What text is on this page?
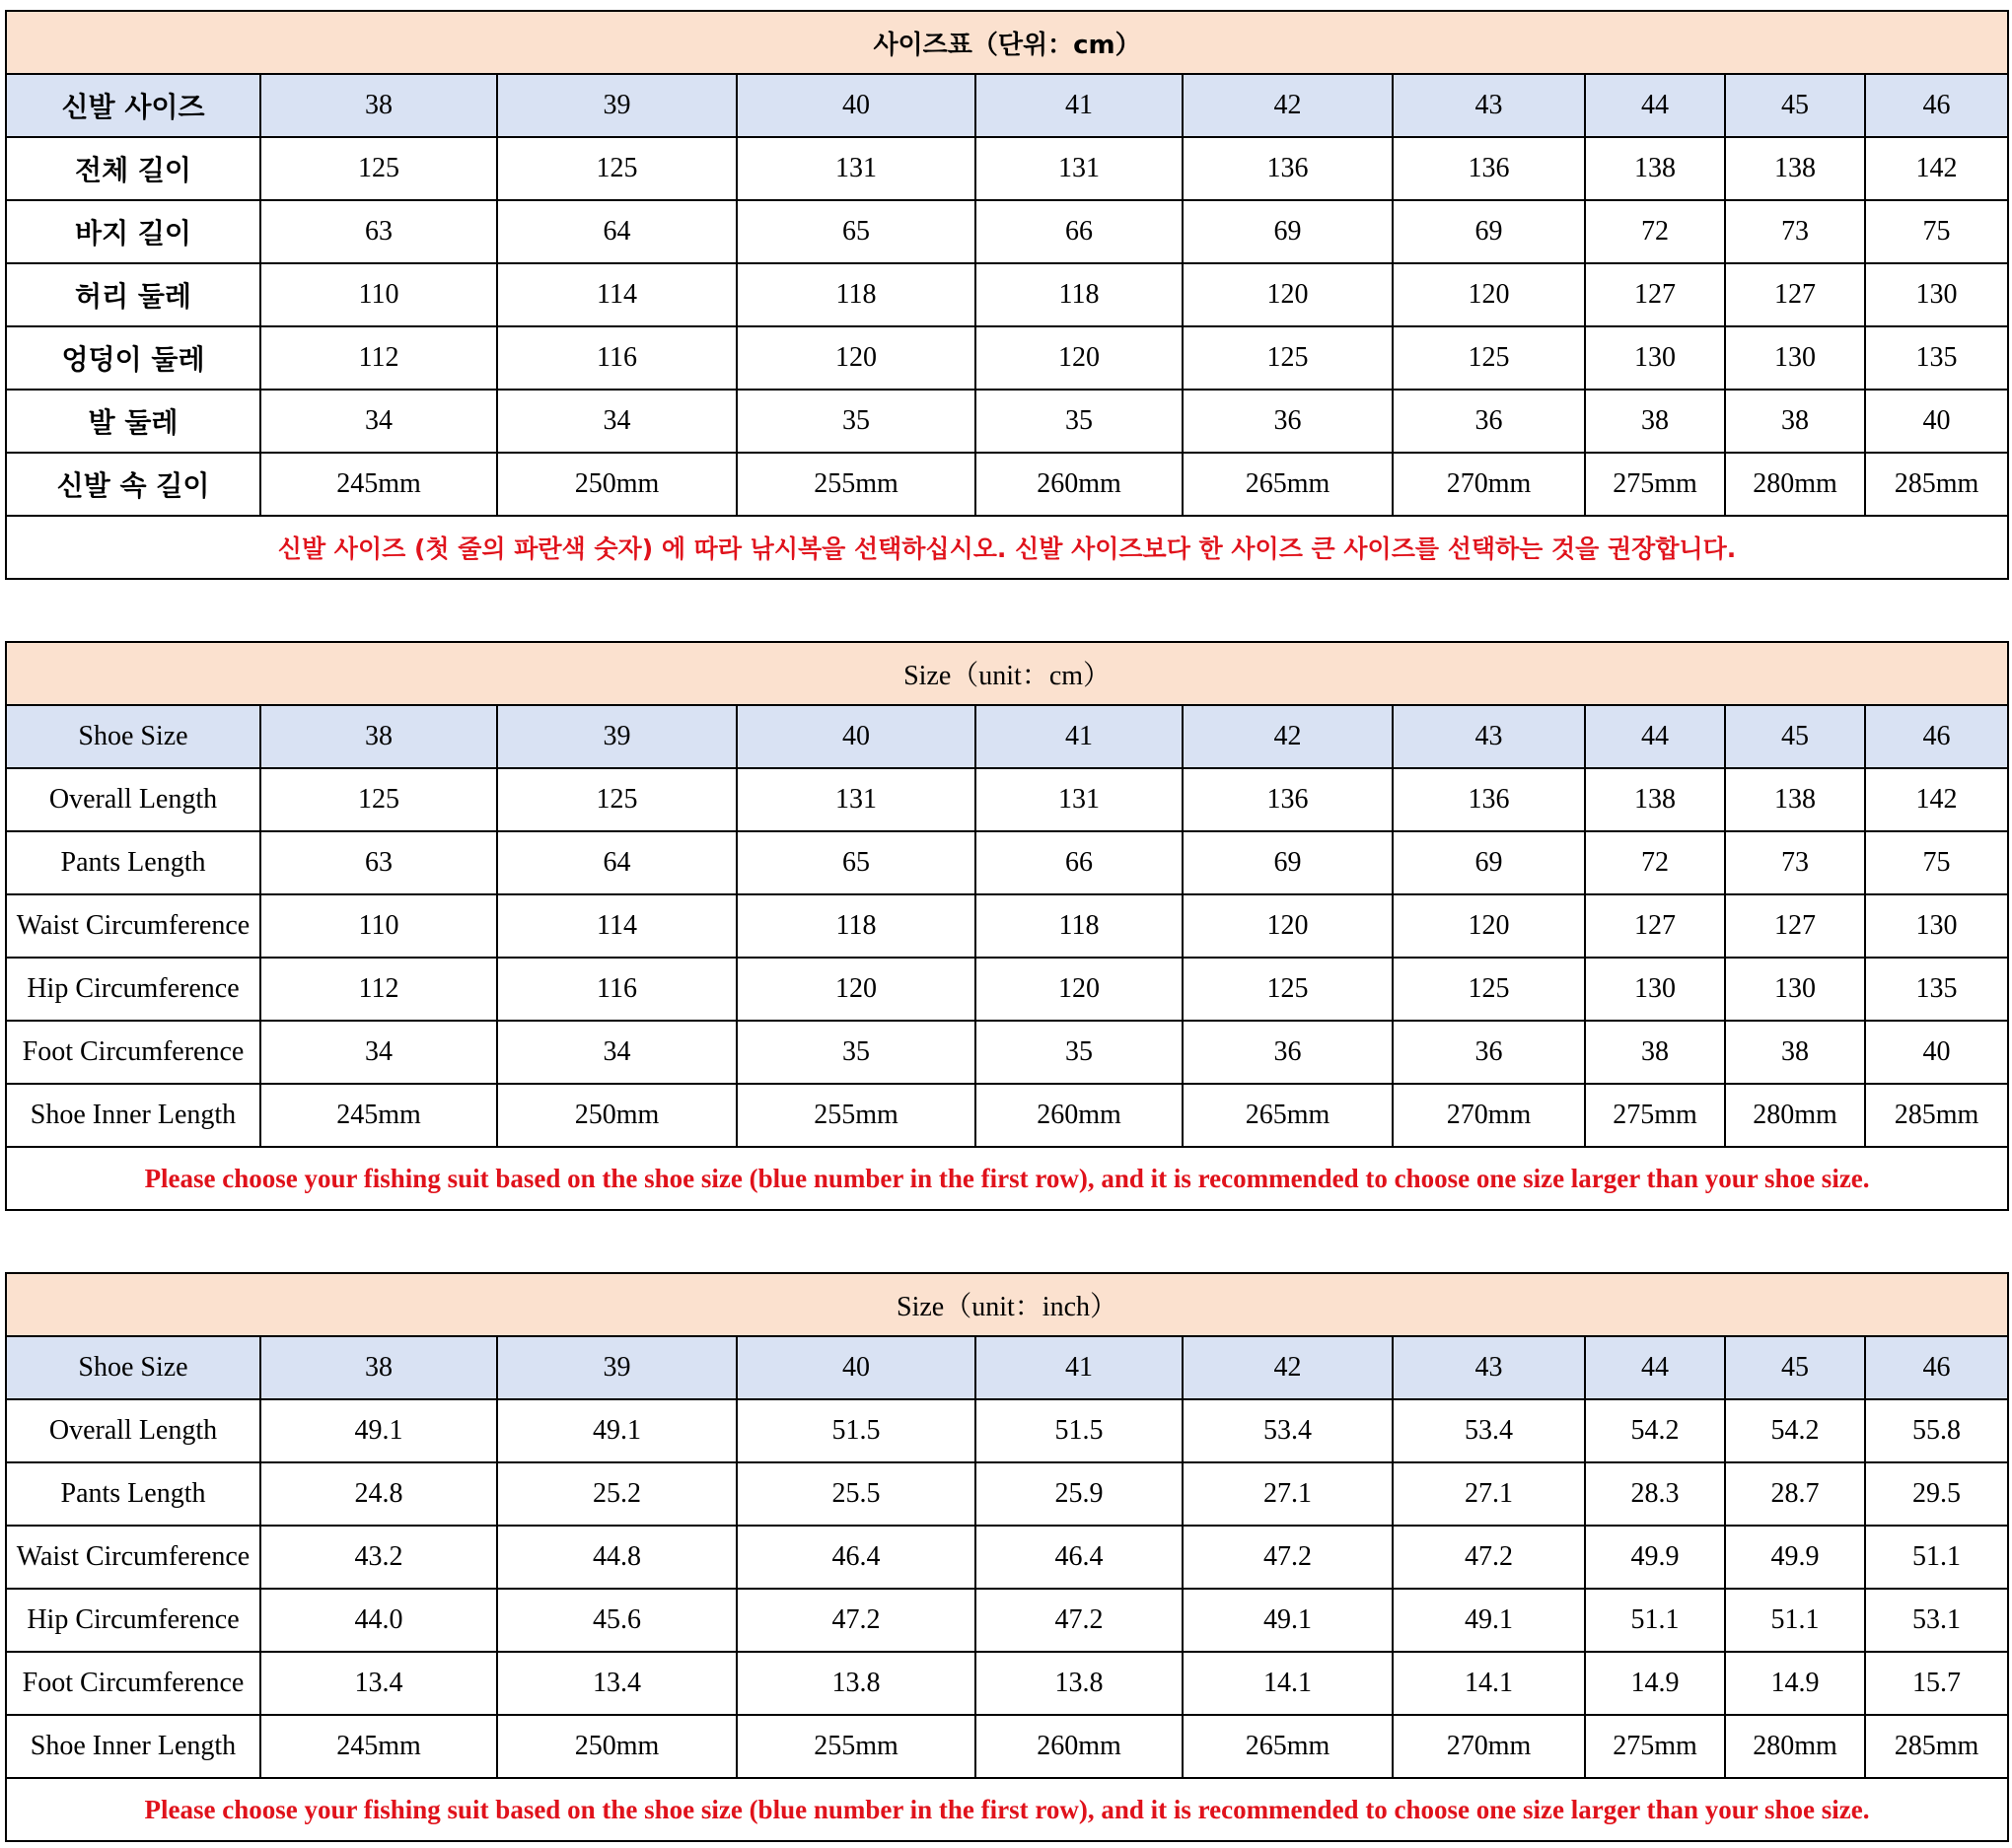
사이즈표（단위：cm）									
신발 사이즈	38	39	40	41	42	43	44	45	46
전체 길이	125	125	131	131	136	136	138	138	142
바지 길이	63	64	65	66	69	69	72	73	75
허리 둘레	110	114	118	118	120	120	127	127	130
엉덩이 둘레	112	116	120	120	125	125	130	130	135
발 둘레	34	34	35	35	36	36	38	38	40
신발 속 길이	245mm	250mm	255mm	260mm	265mm	270mm	275mm	280mm	285mm
신발 사이즈 (첫 줄의 파란색 숫자) 에 따라 낚시복을 선택하십시오. 신발 사이즈보다 한 사이즈 큰 사이즈를 선택하는 것을 권장합니다.									
Size（unit：cm）									
Shoe Size	38	39	40	41	42	43	44	45	46
Overall Length	125	125	131	131	136	136	138	138	142
Pants Length	63	64	65	66	69	69	72	73	75
Waist Circumference	110	114	118	118	120	120	127	127	130
Hip Circumference	112	116	120	120	125	125	130	130	135
Foot Circumference	34	34	35	35	36	36	38	38	40
Shoe Inner Length	245mm	250mm	255mm	260mm	265mm	270mm	275mm	280mm	285mm
Please choose your fishing suit based on the shoe size (blue number in the first row), and it is recommended to choose one size larger than your shoe size.									
Size（unit：inch）									
Shoe Size	38	39	40	41	42	43	44	45	46
Overall Length	49.1	49.1	51.5	51.5	53.4	53.4	54.2	54.2	55.8
Pants Length	24.8	25.2	25.5	25.9	27.1	27.1	28.3	28.7	29.5
Waist Circumference	43.2	44.8	46.4	46.4	47.2	47.2	49.9	49.9	51.1
Hip Circumference	44.0	45.6	47.2	47.2	49.1	49.1	51.1	51.1	53.1
Foot Circumference	13.4	13.4	13.8	13.8	14.1	14.1	14.9	14.9	15.7
Shoe Inner Length	245mm	250mm	255mm	260mm	265mm	270mm	275mm	280mm	285mm
Please choose your fishing suit based on the shoe size (blue number in the first row), and it is recommended to choose one size larger than your shoe size.									
